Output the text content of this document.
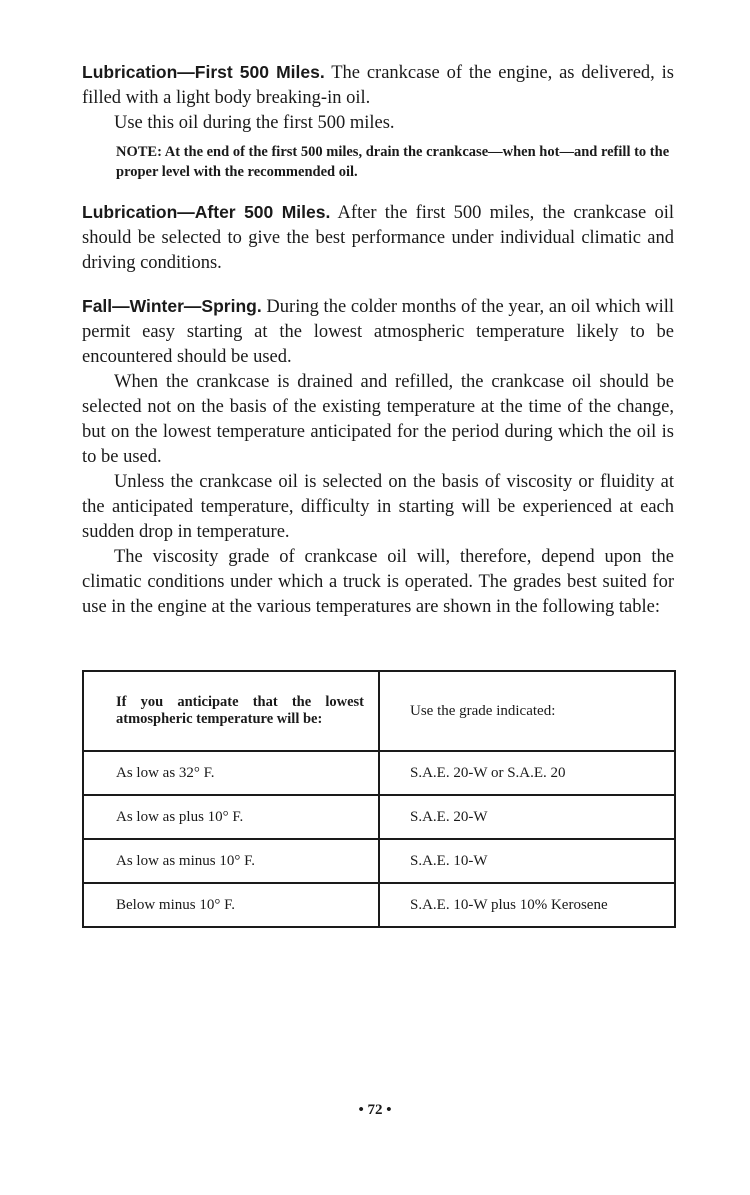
Lubrication—First 500 Miles. The crankcase of the engine, as delivered, is filled with a light body breaking-in oil.

Use this oil during the first 500 miles.

NOTE: At the end of the first 500 miles, drain the crankcase—when hot—and refill to the proper level with the recommended oil.

Lubrication—After 500 Miles. After the first 500 miles, the crankcase oil should be selected to give the best performance under individual climatic and driving conditions.

Fall—Winter—Spring. During the colder months of the year, an oil which will permit easy starting at the lowest atmospheric temperature likely to be encountered should be used.

When the crankcase is drained and refilled, the crankcase oil should be selected not on the basis of the existing temperature at the time of the change, but on the lowest temperature anticipated for the period during which the oil is to be used.

Unless the crankcase oil is selected on the basis of viscosity or fluidity at the anticipated temperature, difficulty in starting will be experienced at each sudden drop in temperature.

The viscosity grade of crankcase oil will, therefore, depend upon the climatic conditions under which a truck is operated. The grades best suited for use in the engine at the various temperatures are shown in the following table:

If you anticipate that the lowest atmospheric temperature will be:	Use the grade indicated:
As low as 32° F.	S.A.E. 20-W or S.A.E. 20
As low as plus 10° F.	S.A.E. 20-W
As low as minus 10° F.	S.A.E. 10-W
Below minus 10° F.	S.A.E. 10-W plus 10% Kerosene
• 72 •
